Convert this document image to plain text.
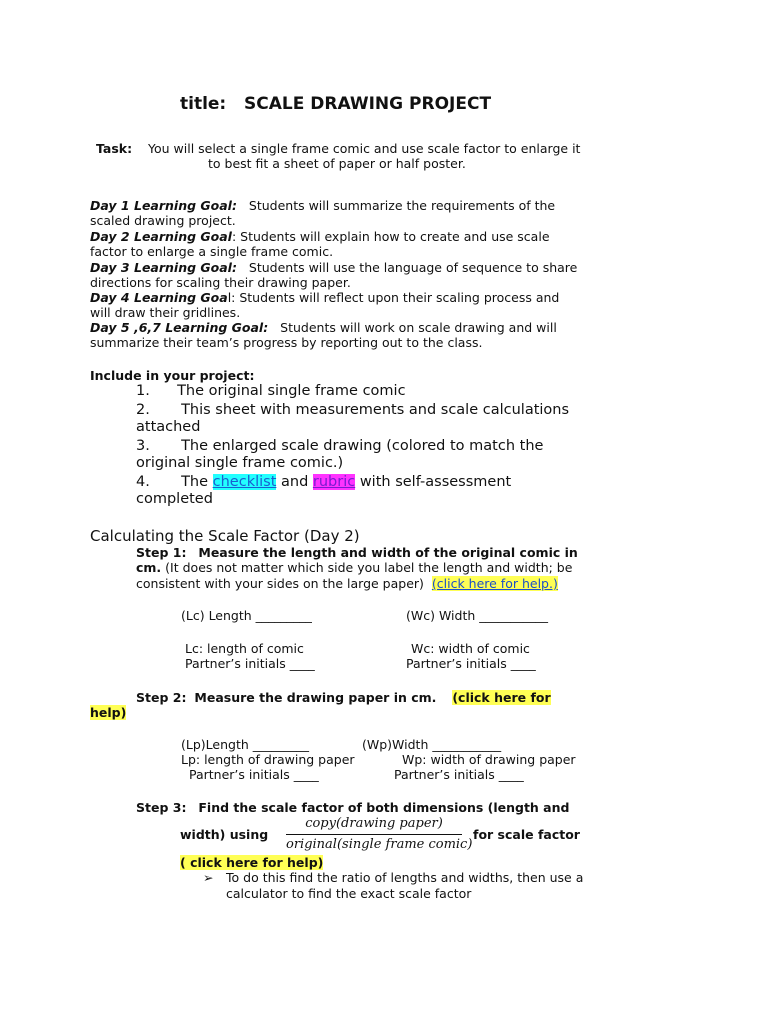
title: SCALE DRAWING PROJECT
Task: You will select a single frame comic and use scale factor to enlarge it
to best fit a sheet of paper or half poster.
Day 1 Learning Goal: Students will summarize the requirements of the
scaled drawing project.
Day 2 Learning Goal: Students will explain how to create and use scale
factor to enlarge a single frame comic.
Day 3 Learning Goal: Students will use the language of sequence to share
directions for scaling their drawing paper.
Day 4 Learning Goal: Students will reflect upon their scaling process and
will draw their gridlines.
Day 5 ,6,7 Learning Goal: Students will work on scale drawing and will
summarize their team’s progress by reporting out to the class.
Include in your project:
1. The original single frame comic
2. This sheet with measurements and scale calculations
attached
3. The enlarged scale drawing (colored to match the
original single frame comic.)
4. The checklist and rubric with self-assessment
completed
Calculating the Scale Factor (Day 2)
Step 1: Measure the length and width of the original comic in
cm. (It does not matter which side you label the length and width; be
consistent with your sides on the large paper) (click here for help.)
(Lc) Length _________	(Wc) Width ___________
Lc: length of comic	Wc: width of comic
Partner’s initials ____	Partner’s initials ____
Step 2: Measure the drawing paper in cm. (click here for
help)
(Lp)Length _________	(Wp)Width ___________
Lp: length of drawing paper	Wp: width of drawing paper
Partner’s initials ____	Partner’s initials ____
Step 3: Find the scale factor of both dimensions (length and
width) using
copy(drawing paper)
original(single frame comic)
for scale factor
( click here for help)
➢ To do this find the ratio of lengths and widths, then use a
calculator to find the exact scale factor
